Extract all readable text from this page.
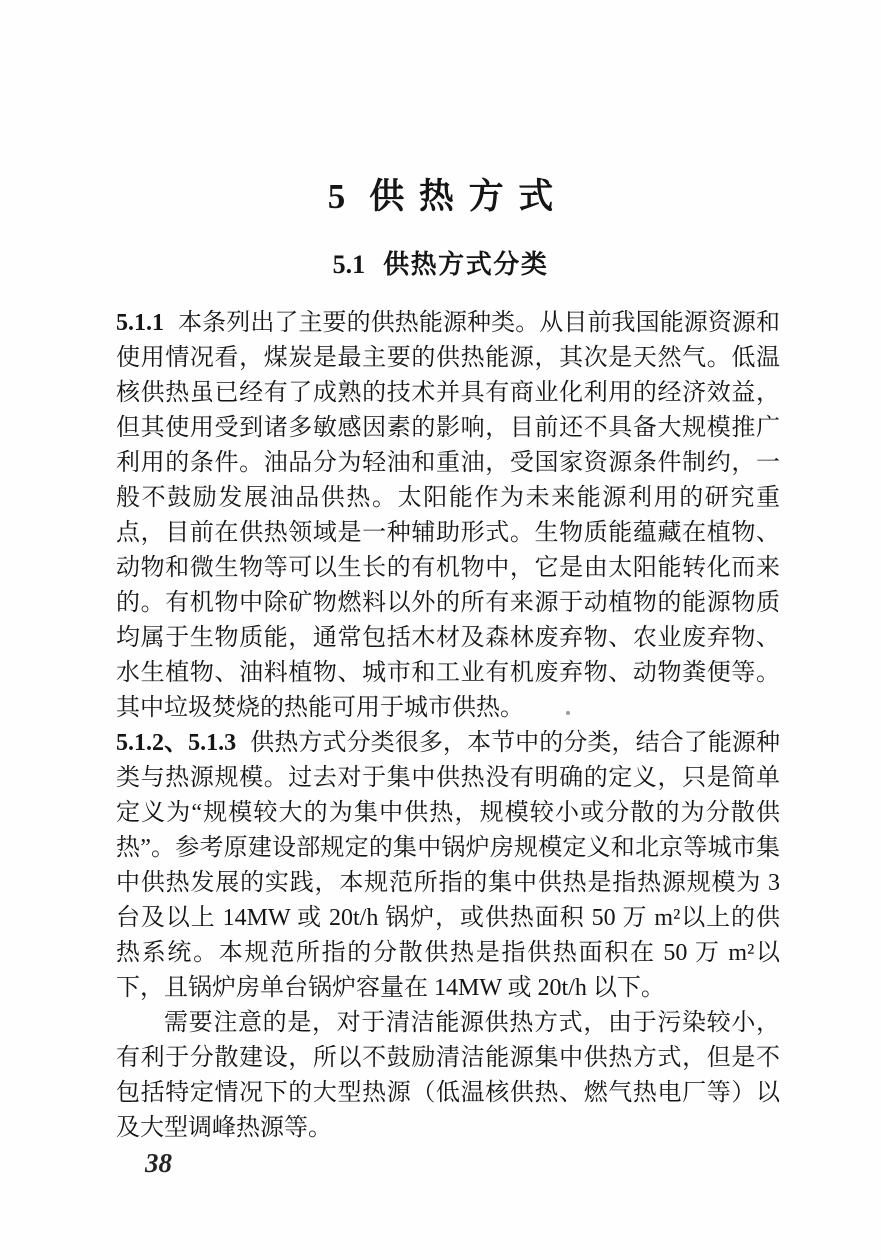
5 供热方式
5.1 供热方式分类

5.1.1 本条列出了主要的供热能源种类。从目前我国能源资源和使用情况看，煤炭是最主要的供热能源，其次是天然气。低温核供热虽已经有了成熟的技术并具有商业化利用的经济效益，但其使用受到诸多敏感因素的影响，目前还不具备大规模推广利用的条件。油品分为轻油和重油，受国家资源条件制约，一般不鼓励发展油品供热。太阳能作为未来能源利用的研究重点，目前在供热领域是一种辅助形式。生物质能蕴藏在植物、动物和微生物等可以生长的有机物中，它是由太阳能转化而来的。有机物中除矿物燃料以外的所有来源于动植物的能源物质均属于生物质能，通常包括木材及森林废弃物、农业废弃物、水生植物、油料植物、城市和工业有机废弃物、动物粪便等。其中垃圾焚烧的热能可用于城市供热。

5.1.2、5.1.3 供热方式分类很多，本节中的分类，结合了能源种类与热源规模。过去对于集中供热没有明确的定义，只是简单定义为“规模较大的为集中供热，规模较小或分散的为分散供热”。参考原建设部规定的集中锅炉房规模定义和北京等城市集中供热发展的实践，本规范所指的集中供热是指热源规模为 3 台及以上 14MW 或 20t/h 锅炉，或供热面积 50 万 m²以上的供热系统。本规范所指的分散供热是指供热面积在 50 万 m²以下，且锅炉房单台锅炉容量在 14MW 或 20t/h 以下。

需要注意的是，对于清洁能源供热方式，由于污染较小，有利于分散建设，所以不鼓励清洁能源集中供热方式，但是不包括特定情况下的大型热源（低温核供热、燃气热电厂等）以及大型调峰热源等。

38
